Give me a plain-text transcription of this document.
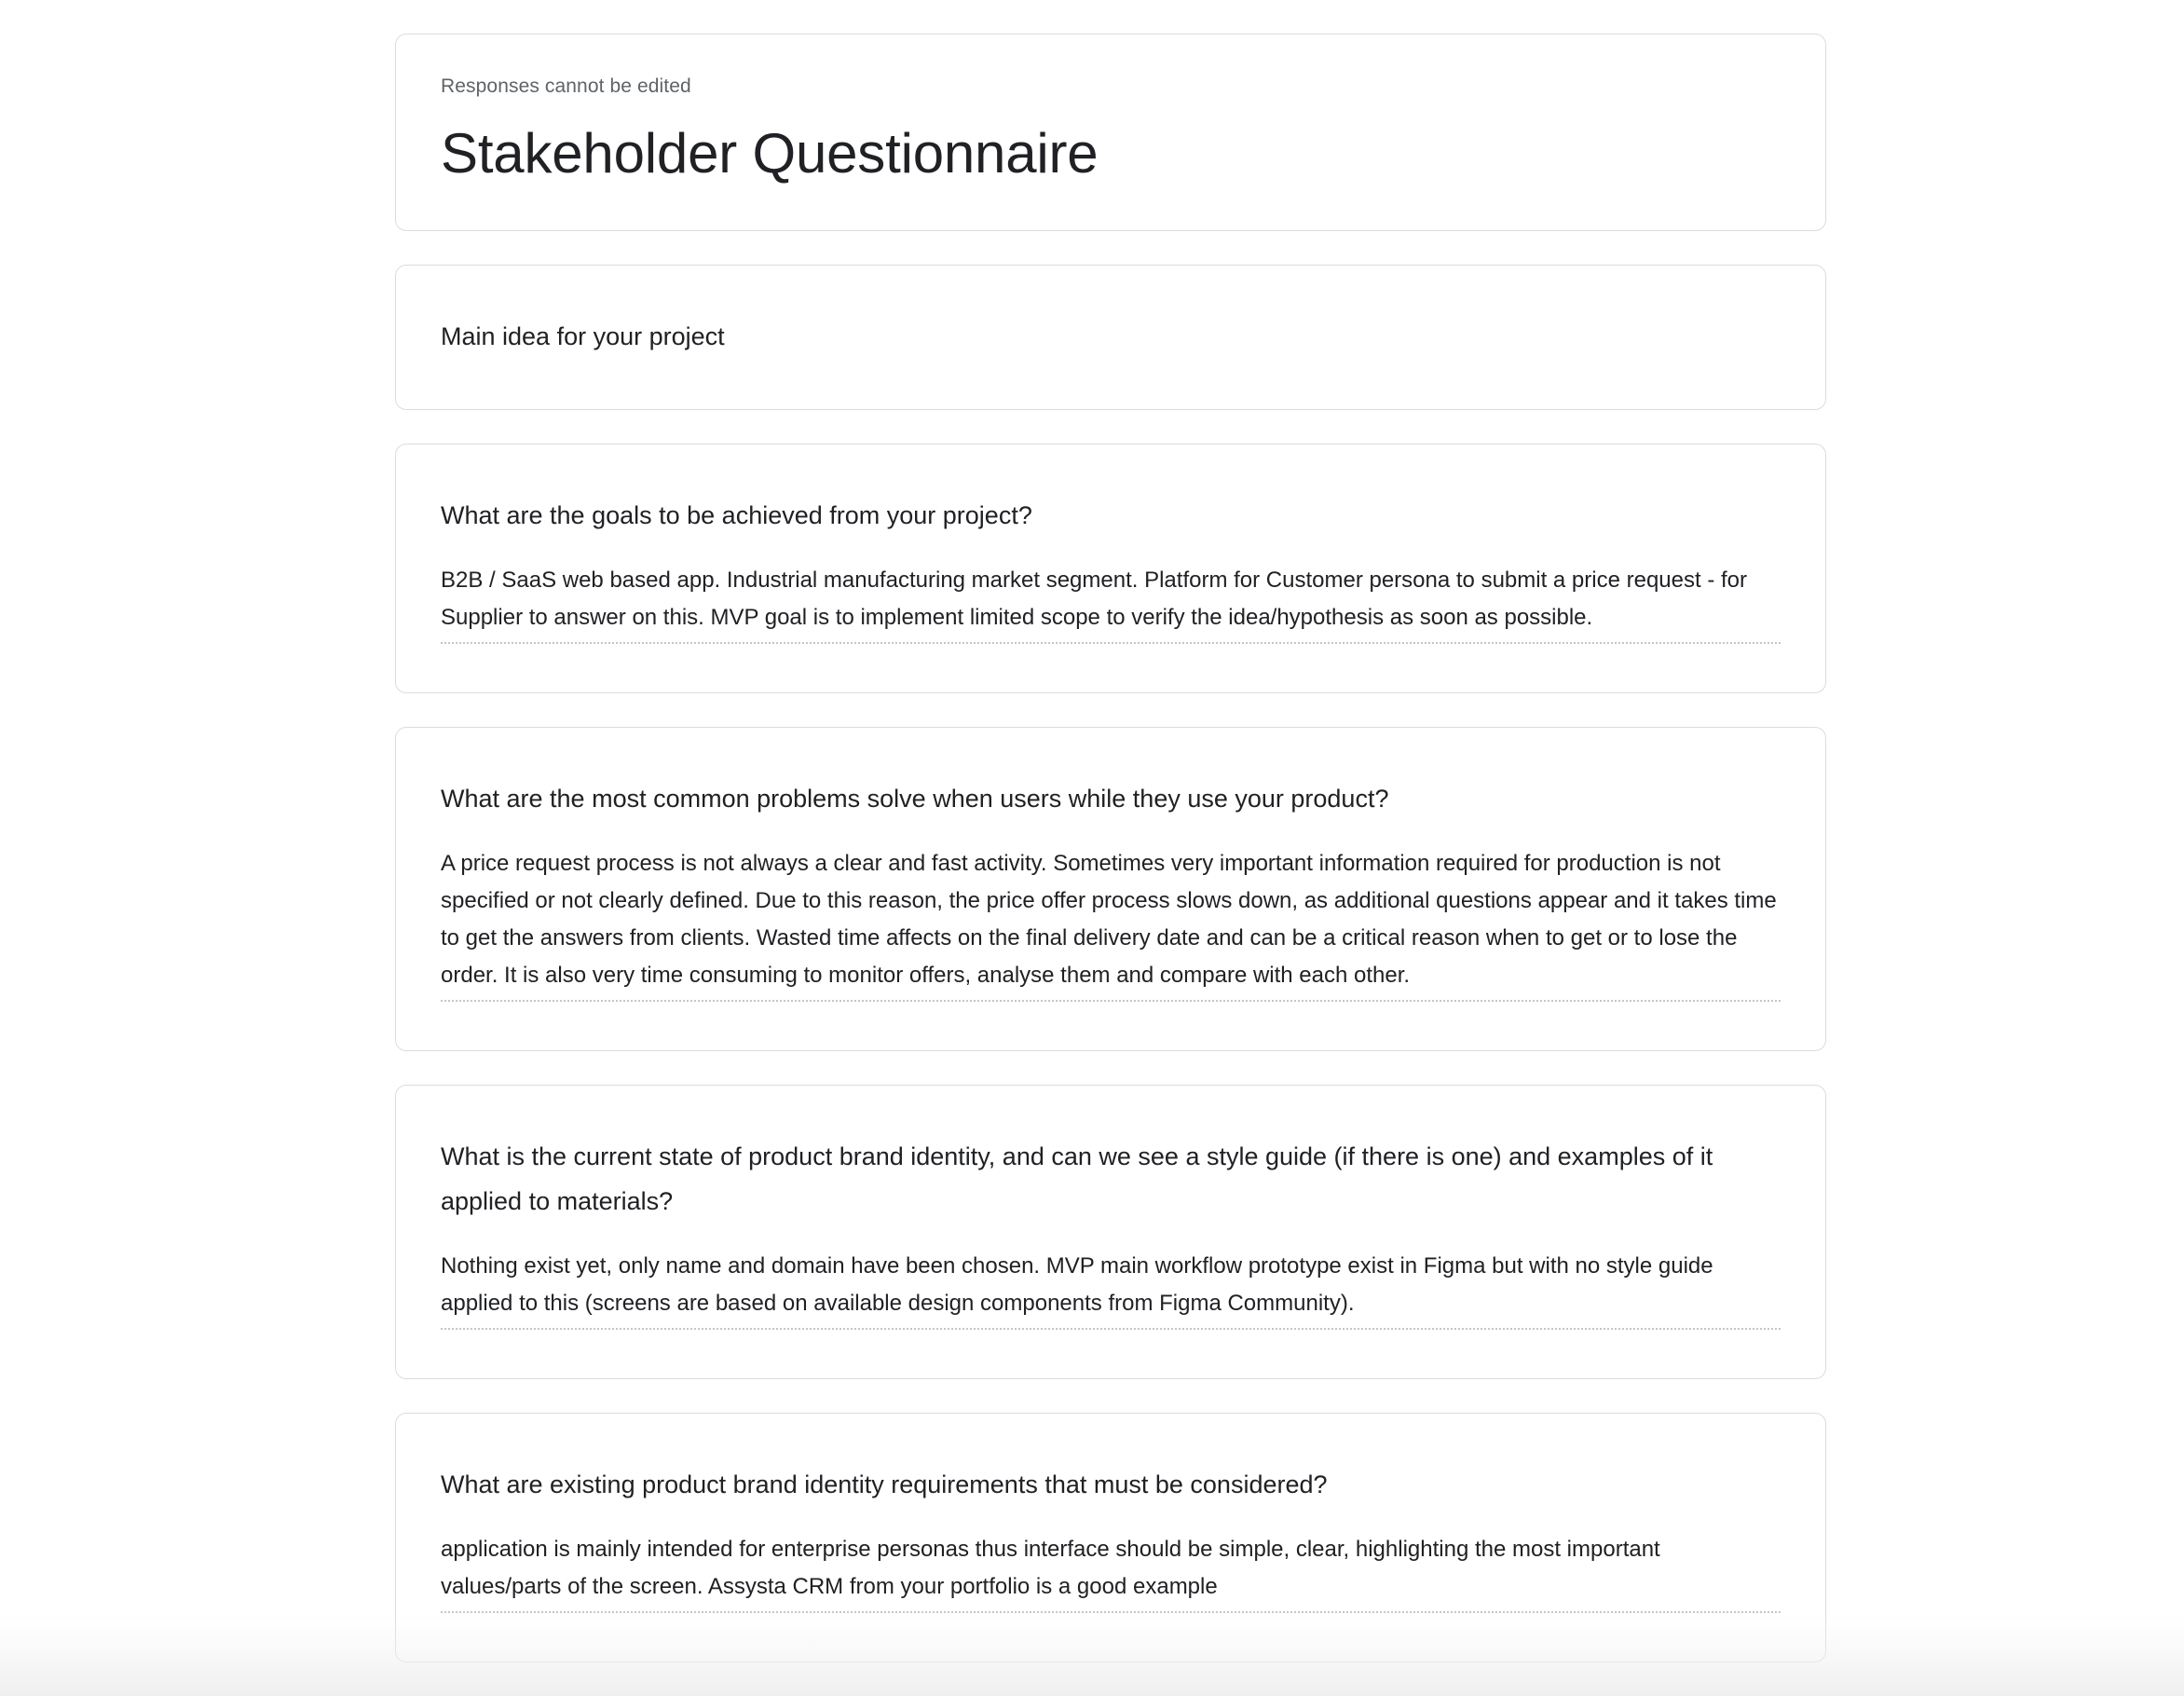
Responses cannot be edited

Stakeholder Questionnaire
Main idea for your project
What are the goals to be achieved from your project?

B2B / SaaS web based app. Industrial manufacturing market segment. Platform for Customer persona to submit a price request - for Supplier to answer on this. MVP goal is to implement limited scope to verify the idea/hypothesis as soon as possible.

What are the most common problems solve when users while they use your product?

A price request process is not always a clear and fast activity. Sometimes very important information required for production is not specified or not clearly defined. Due to this reason, the price offer process slows down, as additional questions appear and it takes time to get the answers from clients. Wasted time affects on the final delivery date and can be a critical reason when to get or to lose the order. It is also very time consuming to monitor offers, analyse them and compare with each other.

What is the current state of product brand identity, and can we see a style guide (if there is one) and examples of it applied to materials?

Nothing exist yet, only name and domain have been chosen. MVP main workflow prototype exist in Figma but with no style guide applied to this (screens are based on available design components from Figma Community).

What are existing product brand identity requirements that must be considered?

application is mainly intended for enterprise personas thus interface should be simple, clear, highlighting the most important values/parts of the screen. Assysta CRM from your portfolio is a good example
